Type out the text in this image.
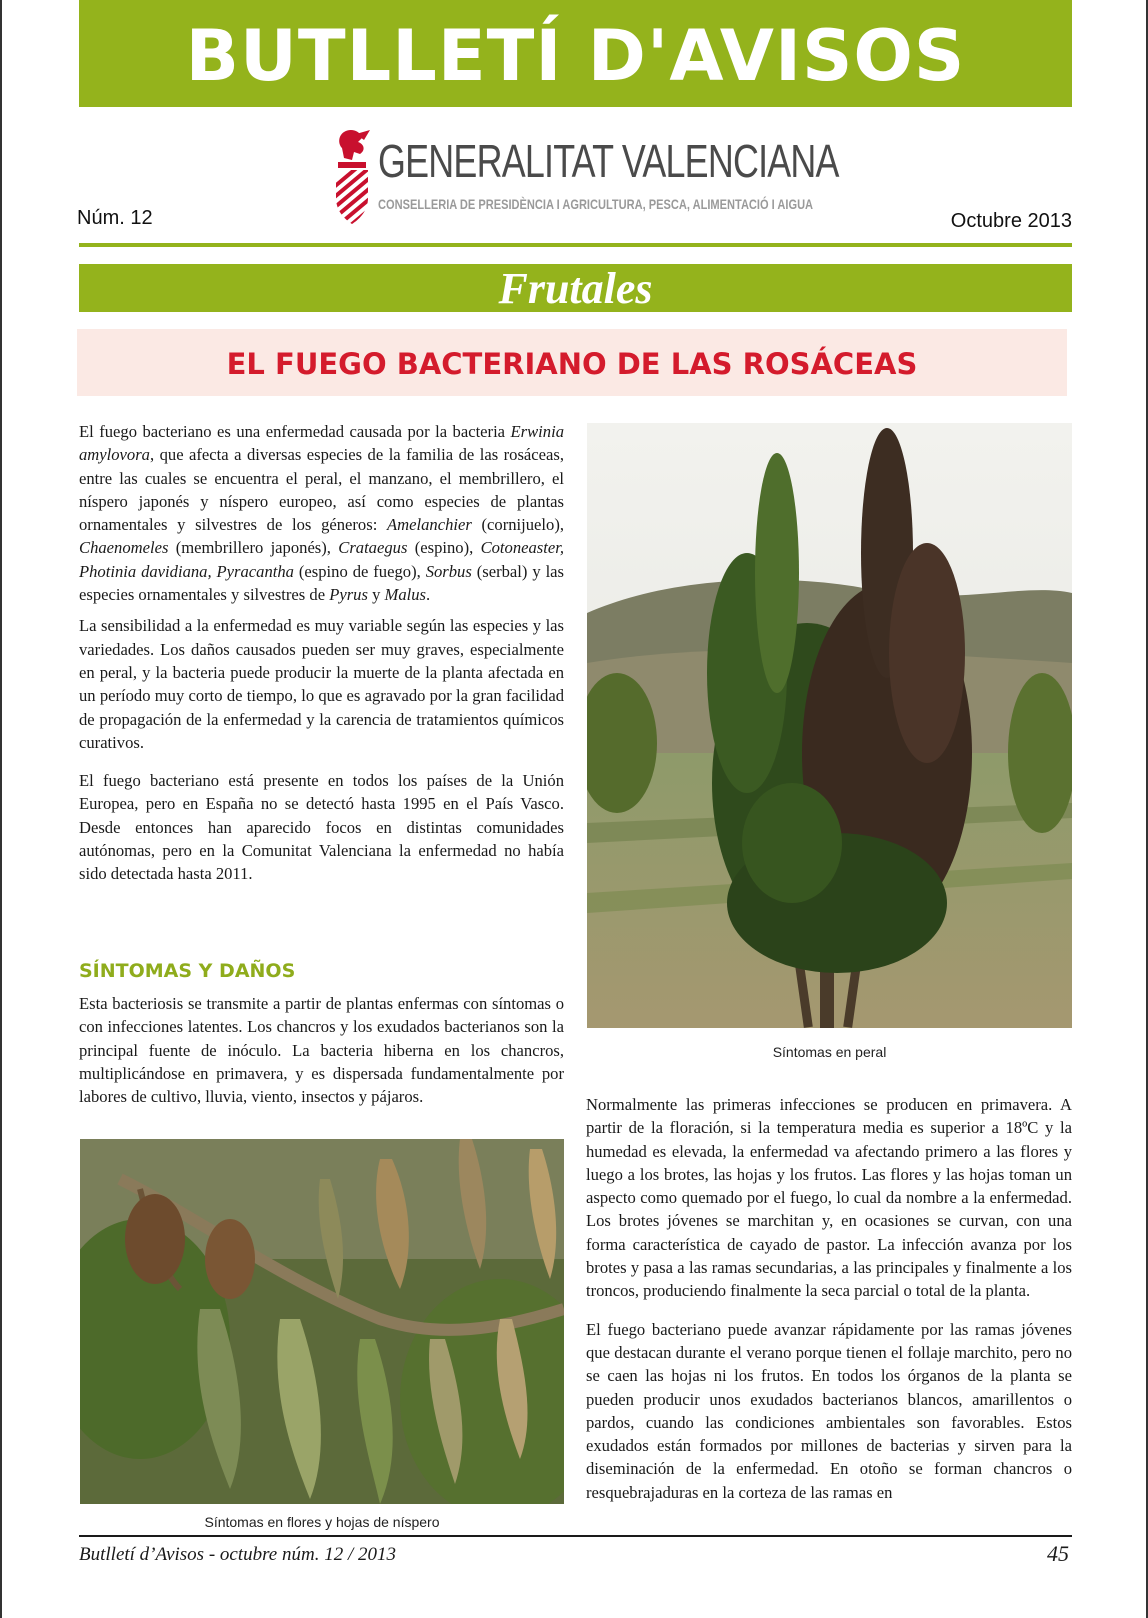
BUTLLETÍ D'AVISOS
GENERALITAT VALENCIANA
CONSELLERIA DE PRESIDÈNCIA I AGRICULTURA, PESCA, ALIMENTACIÓ I AIGUA
Núm. 12	Octubre 2013
Frutales
EL FUEGO BACTERIANO DE LAS ROSÁCEAS

El fuego bacteriano es una enfermedad causada por la bacteria Erwinia amylovora, que afecta a diversas especies de la familia de las rosáceas, entre las cuales se encuentra el peral, el manzano, el membrillero, el níspero japonés y níspero europeo, así como especies de plantas ornamentales y silvestres de los géneros: Amelanchier (cornijuelo), Chaenomeles (membrillero japonés), Crataegus (espino), Cotoneaster, Photinia davidiana, Pyracantha (espino de fuego), Sorbus (serbal) y las especies ornamentales y silvestres de Pyrus y Malus.

La sensibilidad a la enfermedad es muy variable según las especies y las variedades. Los daños causados pueden ser muy graves, especialmente en peral, y la bacteria puede producir la muerte de la planta afectada en un período muy corto de tiempo, lo que es agravado por la gran facilidad de propagación de la enfermedad y la carencia de tratamientos químicos curativos.

El fuego bacteriano está presente en todos los países de la Unión Europea, pero en España no se detectó hasta 1995 en el País Vasco. Desde entonces han aparecido focos en distintas comunidades autónomas, pero en la Comunitat Valenciana la enfermedad no había sido detectada hasta 2011.

SÍNTOMAS Y DAÑOS

Esta bacteriosis se transmite a partir de plantas enfermas con síntomas o con infecciones latentes. Los chancros y los exudados bacterianos son la principal fuente de inóculo. La bacteria hiberna en los chancros, multiplicándose en primavera, y es dispersada fundamentalmente por labores de cultivo, lluvia, viento, insectos y pájaros.

Síntomas en peral
Síntomas en flores y hojas de níspero

Normalmente las primeras infecciones se producen en primavera. A partir de la floración, si la temperatura media es superior a 18ºC y la humedad es elevada, la enfermedad va afectando primero a las flores y luego a los brotes, las hojas y los frutos. Las flores y las hojas toman un aspecto como quemado por el fuego, lo cual da nombre a la enfermedad. Los brotes jóvenes se marchitan y, en ocasiones se curvan, con una forma característica de cayado de pastor. La infección avanza por los brotes y pasa a las ramas secundarias, a las principales y finalmente a los troncos, produciendo finalmente la seca parcial o total de la planta.

El fuego bacteriano puede avanzar rápidamente por las ramas jóvenes que destacan durante el verano porque tienen el follaje marchito, pero no se caen las hojas ni los frutos. En todos los órganos de la planta se pueden producir unos exudados bacterianos blancos, amarillentos o pardos, cuando las condiciones ambientales son favorables. Estos exudados están formados por millones de bacterias y sirven para la diseminación de la enfermedad. En otoño se forman chancros o resquebrajaduras en la corteza de las ramas en

Butlletí d’Avisos - octubre núm. 12 / 2013	45
